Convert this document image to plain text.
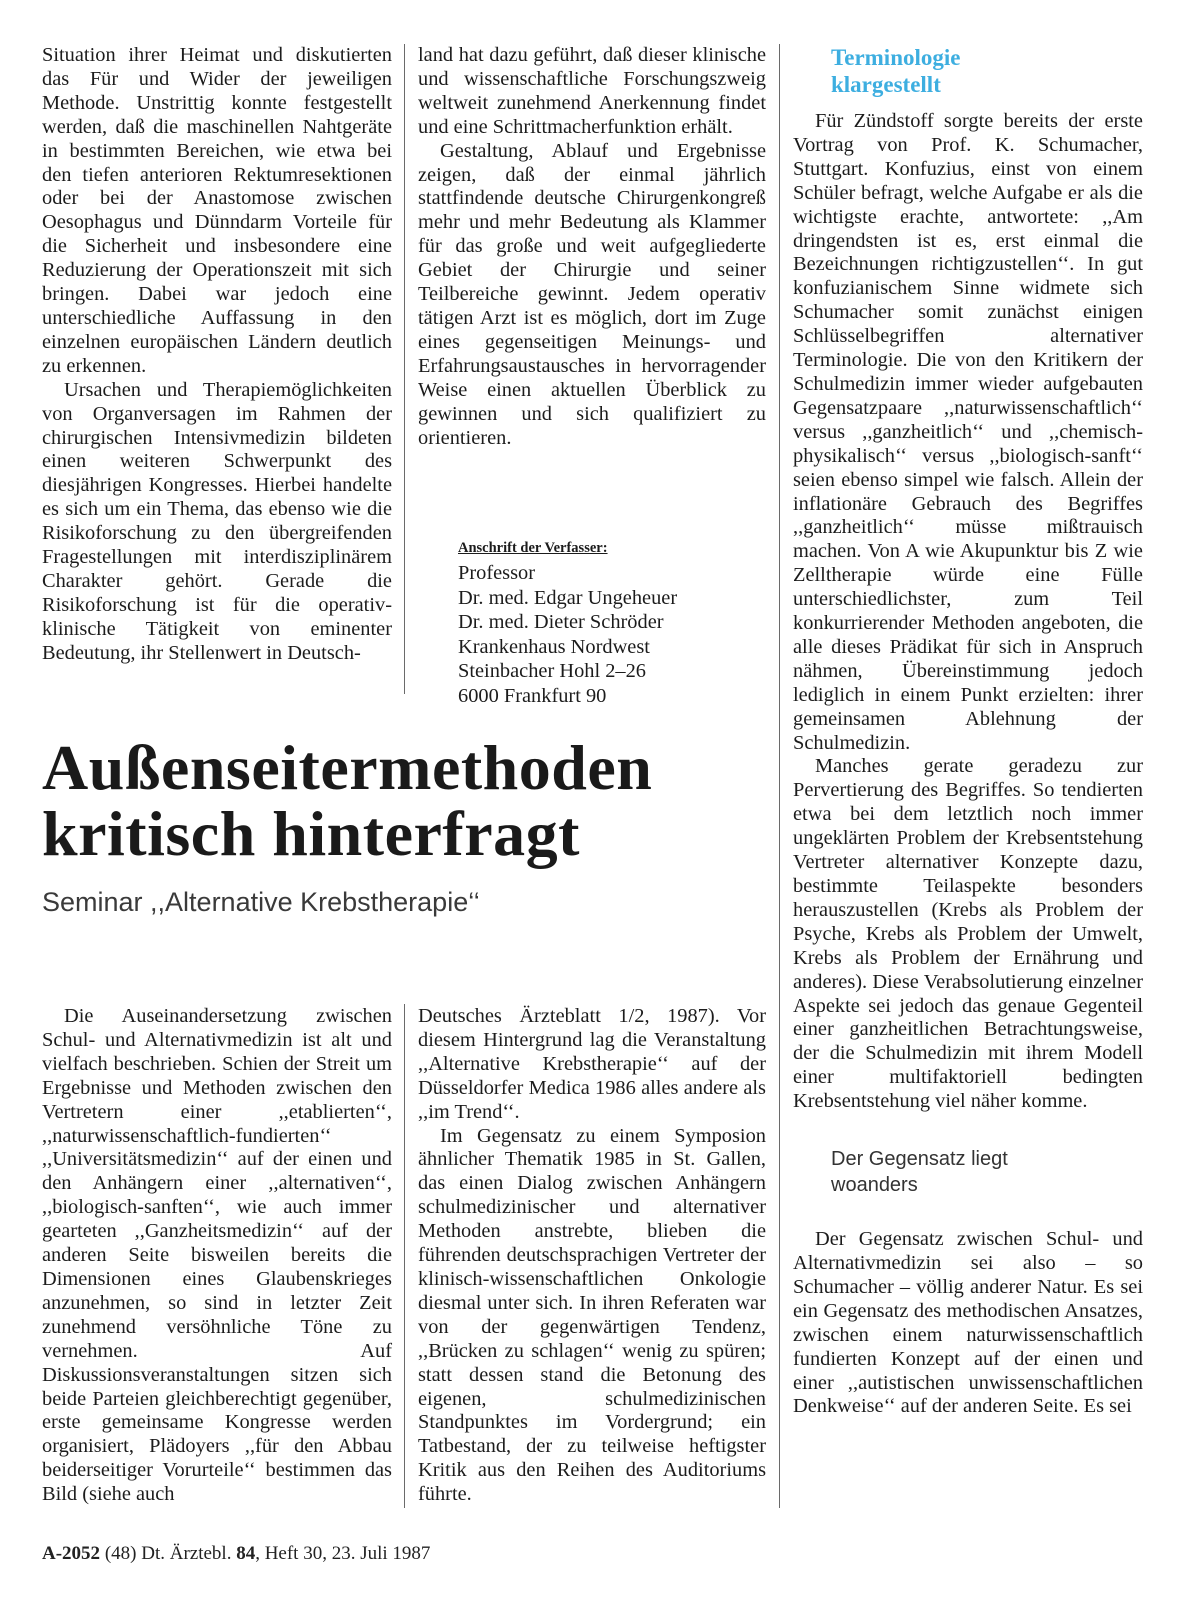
Situation ihrer Heimat und diskutierten das Für und Wider der jeweiligen Methode. Unstrittig konnte festgestellt werden, daß die maschinellen Nahtgeräte in bestimmten Bereichen, wie etwa bei den tiefen anterioren Rektumresektionen oder bei der Anastomose zwischen Oesophagus und Dünndarm Vorteile für die Sicherheit und insbesondere eine Reduzierung der Operationszeit mit sich bringen. Dabei war jedoch eine unterschiedliche Auffassung in den einzelnen europäischen Ländern deutlich zu erkennen.

Ursachen und Therapiemöglichkeiten von Organversagen im Rahmen der chirurgischen Intensivmedizin bildeten einen weiteren Schwerpunkt des diesjährigen Kongresses. Hierbei handelte es sich um ein Thema, das ebenso wie die Risikoforschung zu den übergreifenden Fragestellungen mit interdisziplinärem Charakter gehört. Gerade die Risikoforschung ist für die operativ-klinische Tätigkeit von eminenter Bedeutung, ihr Stellenwert in Deutsch-

land hat dazu geführt, daß dieser klinische und wissenschaftliche Forschungszweig weltweit zunehmend Anerkennung findet und eine Schrittmacherfunktion erhält.

Gestaltung, Ablauf und Ergebnisse zeigen, daß der einmal jährlich stattfindende deutsche Chirurgenkongreß mehr und mehr Bedeutung als Klammer für das große und weit aufgegliederte Gebiet der Chirurgie und seiner Teilbereiche gewinnt. Jedem operativ tätigen Arzt ist es möglich, dort im Zuge eines gegenseitigen Meinungs- und Erfahrungsaustausches in hervorragender Weise einen aktuellen Überblick zu gewinnen und sich qualifiziert zu orientieren.

Anschrift der Verfasser:
Professor
Dr. med. Edgar Ungeheuer
Dr. med. Dieter Schröder
Krankenhaus Nordwest
Steinbacher Hohl 2–26
6000 Frankfurt 90
Außenseitermethoden
kritisch hinterfragt

Seminar ,,Alternative Krebstherapie‘‘

Die Auseinandersetzung zwischen Schul- und Alternativmedizin ist alt und vielfach beschrieben. Schien der Streit um Ergebnisse und Methoden zwischen den Vertretern einer ,,etablierten‘‘, ,,naturwissenschaftlich-fundierten‘‘ ,,Universitätsmedizin‘‘ auf der einen und den Anhängern einer ,,alternativen‘‘, ,,biologisch-sanften‘‘, wie auch immer gearteten ,,Ganzheitsmedizin‘‘ auf der anderen Seite bisweilen bereits die Dimensionen eines Glaubenskrieges anzunehmen, so sind in letzter Zeit zunehmend versöhnliche Töne zu vernehmen. Auf Diskussionsveranstaltungen sitzen sich beide Parteien gleichberechtigt gegenüber, erste gemeinsame Kongresse werden organisiert, Plädoyers ,,für den Abbau beiderseitiger Vorurteile‘‘ bestimmen das Bild (siehe auch

Deutsches Ärzteblatt 1/2, 1987). Vor diesem Hintergrund lag die Veranstaltung ,,Alternative Krebstherapie‘‘ auf der Düsseldorfer Medica 1986 alles andere als ,,im Trend‘‘.

Im Gegensatz zu einem Symposion ähnlicher Thematik 1985 in St. Gallen, das einen Dialog zwischen Anhängern schulmedizinischer und alternativer Methoden anstrebte, blieben die führenden deutschsprachigen Vertreter der klinisch-wissenschaftlichen Onkologie diesmal unter sich. In ihren Referaten war von der gegenwärtigen Tendenz, ,,Brücken zu schlagen‘‘ wenig zu spüren; statt dessen stand die Betonung des eigenen, schulmedizinischen Standpunktes im Vordergrund; ein Tatbestand, der zu teilweise heftigster Kritik aus den Reihen des Auditoriums führte.

Terminologie
klargestellt

Für Zündstoff sorgte bereits der erste Vortrag von Prof. K. Schumacher, Stuttgart. Konfuzius, einst von einem Schüler befragt, welche Aufgabe er als die wichtigste erachte, antwortete: ,,Am dringendsten ist es, erst einmal die Bezeichnungen richtigzustellen‘‘. In gut konfuzianischem Sinne widmete sich Schumacher somit zunächst einigen Schlüsselbegriffen alternativer Terminologie. Die von den Kritikern der Schulmedizin immer wieder aufgebauten Gegensatzpaare ,,naturwissenschaftlich‘‘ versus ,,ganzheitlich‘‘ und ,,chemisch-physikalisch‘‘ versus ,,biologisch-sanft‘‘ seien ebenso simpel wie falsch. Allein der inflationäre Gebrauch des Begriffes ,,ganzheitlich‘‘ müsse mißtrauisch machen. Von A wie Akupunktur bis Z wie Zelltherapie würde eine Fülle unterschiedlichster, zum Teil konkurrierender Methoden angeboten, die alle dieses Prädikat für sich in Anspruch nähmen, Übereinstimmung jedoch lediglich in einem Punkt erzielten: ihrer gemeinsamen Ablehnung der Schulmedizin.

Manches gerate geradezu zur Pervertierung des Begriffes. So tendierten etwa bei dem letztlich noch immer ungeklärten Problem der Krebsentstehung Vertreter alternativer Konzepte dazu, bestimmte Teilaspekte besonders herauszustellen (Krebs als Problem der Psyche, Krebs als Problem der Umwelt, Krebs als Problem der Ernährung und anderes). Diese Verabsolutierung einzelner Aspekte sei jedoch das genaue Gegenteil einer ganzheitlichen Betrachtungsweise, der die Schulmedizin mit ihrem Modell einer multifaktoriell bedingten Krebsentstehung viel näher komme.

Der Gegensatz liegt
woanders

Der Gegensatz zwischen Schul- und Alternativmedizin sei also – so Schumacher – völlig anderer Natur. Es sei ein Gegensatz des methodischen Ansatzes, zwischen einem naturwissenschaftlich fundierten Konzept auf der einen und einer ,,autistischen unwissenschaftlichen Denkweise‘‘ auf der anderen Seite. Es sei

A-2052 (48) Dt. Ärztebl. 84, Heft 30, 23. Juli 1987
